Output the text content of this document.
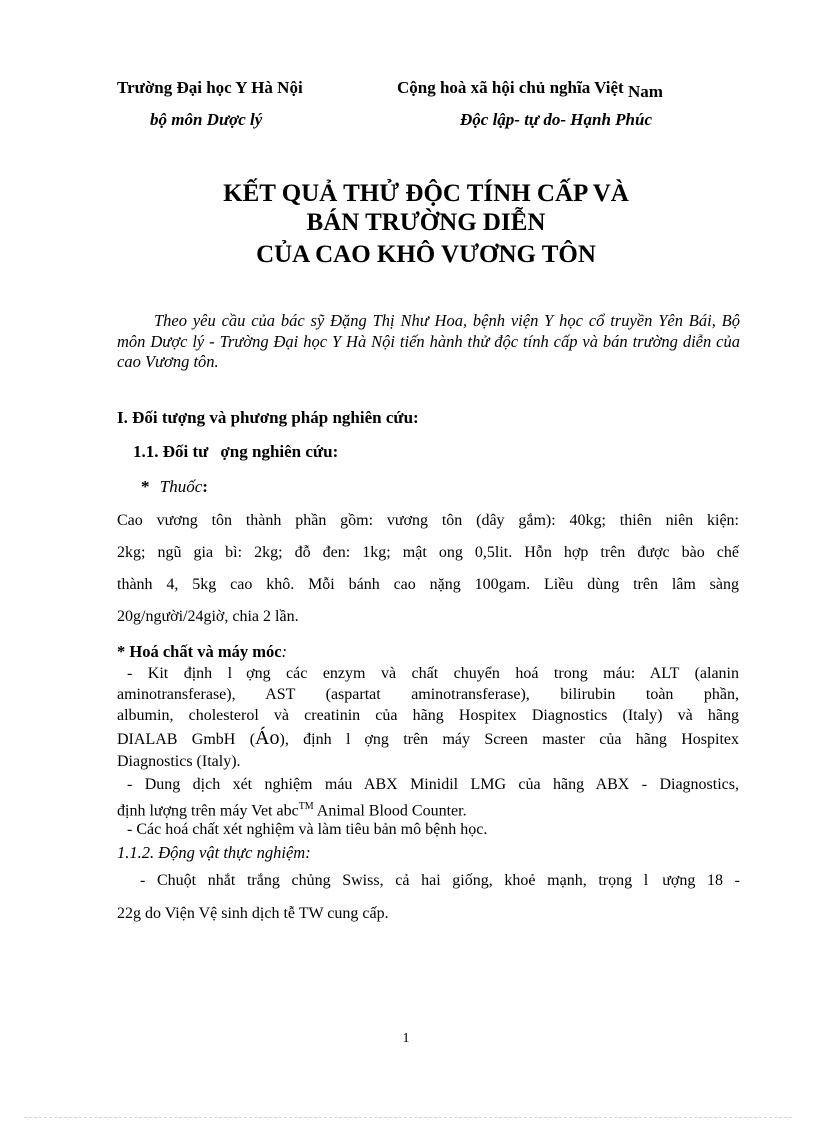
Trường Đại học Y Hà Nội
bộ môn Dược lý
Cộng hoà xã hội chủ nghĩa Việt Nam
Độc lập- tự do- Hạnh Phúc
KẾT QUẢ THỬ ĐỘC TÍNH CẤP VÀ
BÁN TRƯỜNG DIỄN
CỦA CAO KHÔ VƯƠNG TÔN
Theo yêu cầu của bác sỹ Đặng Thị Như Hoa, bệnh viện Y học cổ truyền Yên Bái, Bộ môn Dược lý - Trường Đại học Y Hà Nội tiến hành thử độc tính cấp và bán trường diễn của cao Vương tôn.
I. Đối tượng và phương pháp nghiên cứu:
1.1. Đối tư ợng nghiên cứu:
* Thuốc:
Cao vương tôn thành phần gồm: vương tôn (dây gắm): 40kg; thiên niên kiện:
2kg; ngũ gia bì: 2kg; đỗ đen: 1kg; mật ong 0,5lit. Hỗn hợp trên được bào chế
thành 4, 5kg cao khô. Mỗi bánh cao nặng 100gam. Liều dùng trên lâm sàng
20g/người/24giờ, chia 2 lần.
* Hoá chất và máy móc:
- Kit định l ợng các enzym và chất chuyển hoá trong máu: ALT (alanin
aminotransferase), AST (aspartat aminotransferase), bilirubin toàn phần,
albumin, cholesterol và creatinin của hãng Hospitex Diagnostics (Italy) và hãng
DIALAB GmbH (Áo), định l ợng trên máy Screen master của hãng Hospitex
Diagnostics (Italy).
- Dung dịch xét nghiệm máu ABX Minidil LMG của hãng ABX - Diagnostics,
định lượng trên máy Vet abc™ Animal Blood Counter.
- Các hoá chất xét nghiệm và làm tiêu bản mô bệnh học.
1.1.2. Động vật thực nghiệm:
- Chuột nhắt trắng chủng Swiss, cả hai giống, khoẻ mạnh, trọng l ượng 18 -
22g do Viện Vệ sinh dịch tễ TW cung cấp.
1
